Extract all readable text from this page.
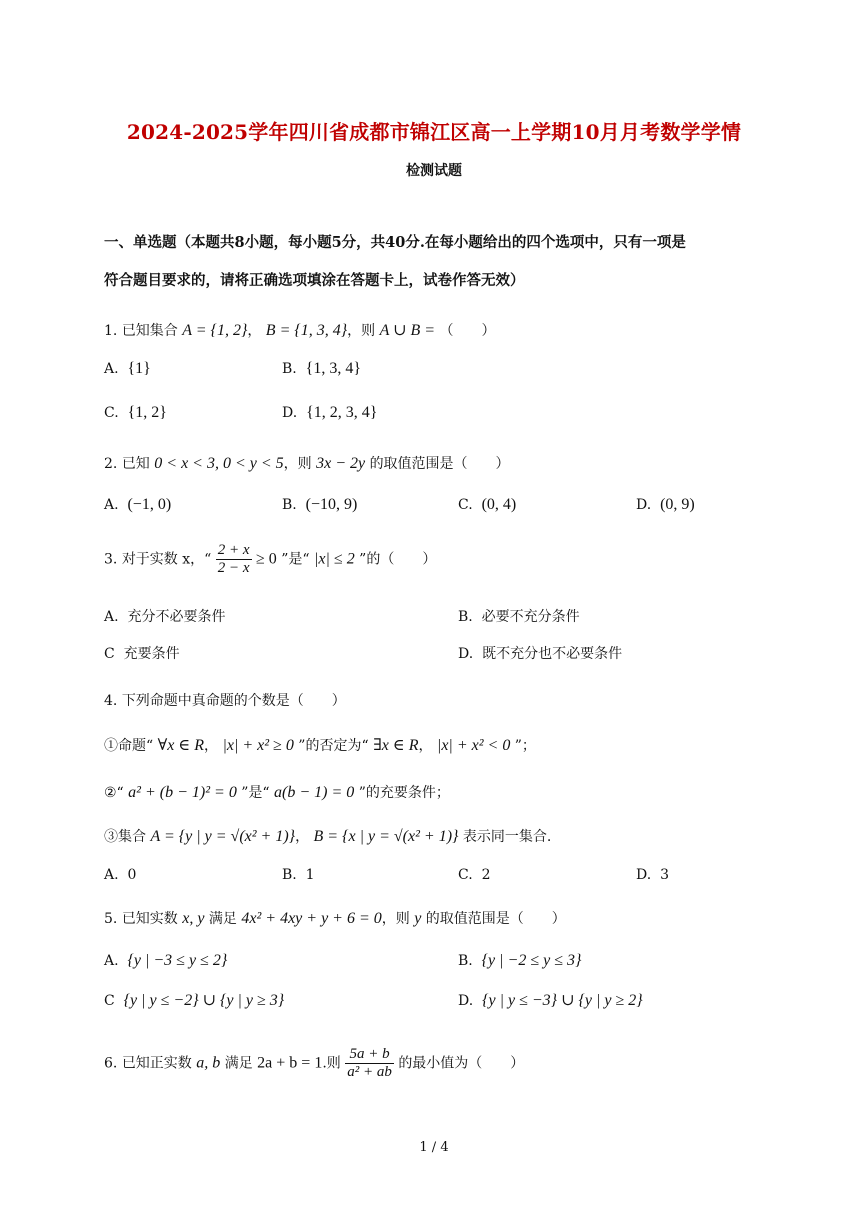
2024-2025学年四川省成都市锦江区高一上学期10月月考数学学情
检测试题
一、单选题（本题共8小题，每小题5分，共40分.在每小题给出的四个选项中，只有一项是
符合题目要求的，请将正确选项填涂在答题卡上，试卷作答无效）
1. 已知集合 A = {1, 2}， B = {1, 3, 4}，则 A ∪ B = （　　）
A. {1}	B. {1, 3, 4}
C. {1, 2}	D. {1, 2, 3, 4}
2. 已知 0 < x < 3, 0 < y < 5，则 3x − 2y 的取值范围是（　　）
A. (−1, 0)	B. (−10, 9)	C. (0, 4)	D. (0, 9)
3. 对于实数 x，“ $\frac{2 + x}{2 - x} \ge 0$ ”是“ |x| ≤ 2 ”的（　　）
A. 充分不必要条件	B. 必要不充分条件
C 充要条件	D. 既不充分也不必要条件
4. 下列命题中真命题的个数是（　　）
①命题“ ∀x ∈ R， |x| + x² ≥ 0 ”的否定为“ ∃x ∈ R， |x| + x² < 0 ”；
②“ a² + (b − 1)² = 0 ”是“ a(b − 1) = 0 ”的充要条件；
③集合 A = {y | y = √(x² + 1)}， B = {x | y = √(x² + 1)} 表示同一集合.
A. 0	B. 1	C. 2	D. 3
5. 已知实数 x, y 满足 4x² + 4xy + y + 6 = 0，则 y 的取值范围是（　　）
A. {y | −3 ≤ y ≤ 2}	B. {y | −2 ≤ y ≤ 3}
C {y | y ≤ −2} ∪ {y | y ≥ 3}	D. {y | y ≤ −3} ∪ {y | y ≥ 2}
6. 已知正实数 a, b 满足 2a + b = 1.则 $\frac{5a + b}{\text{a² + ab}}$ 的最小值为（　　）
1 / 4
